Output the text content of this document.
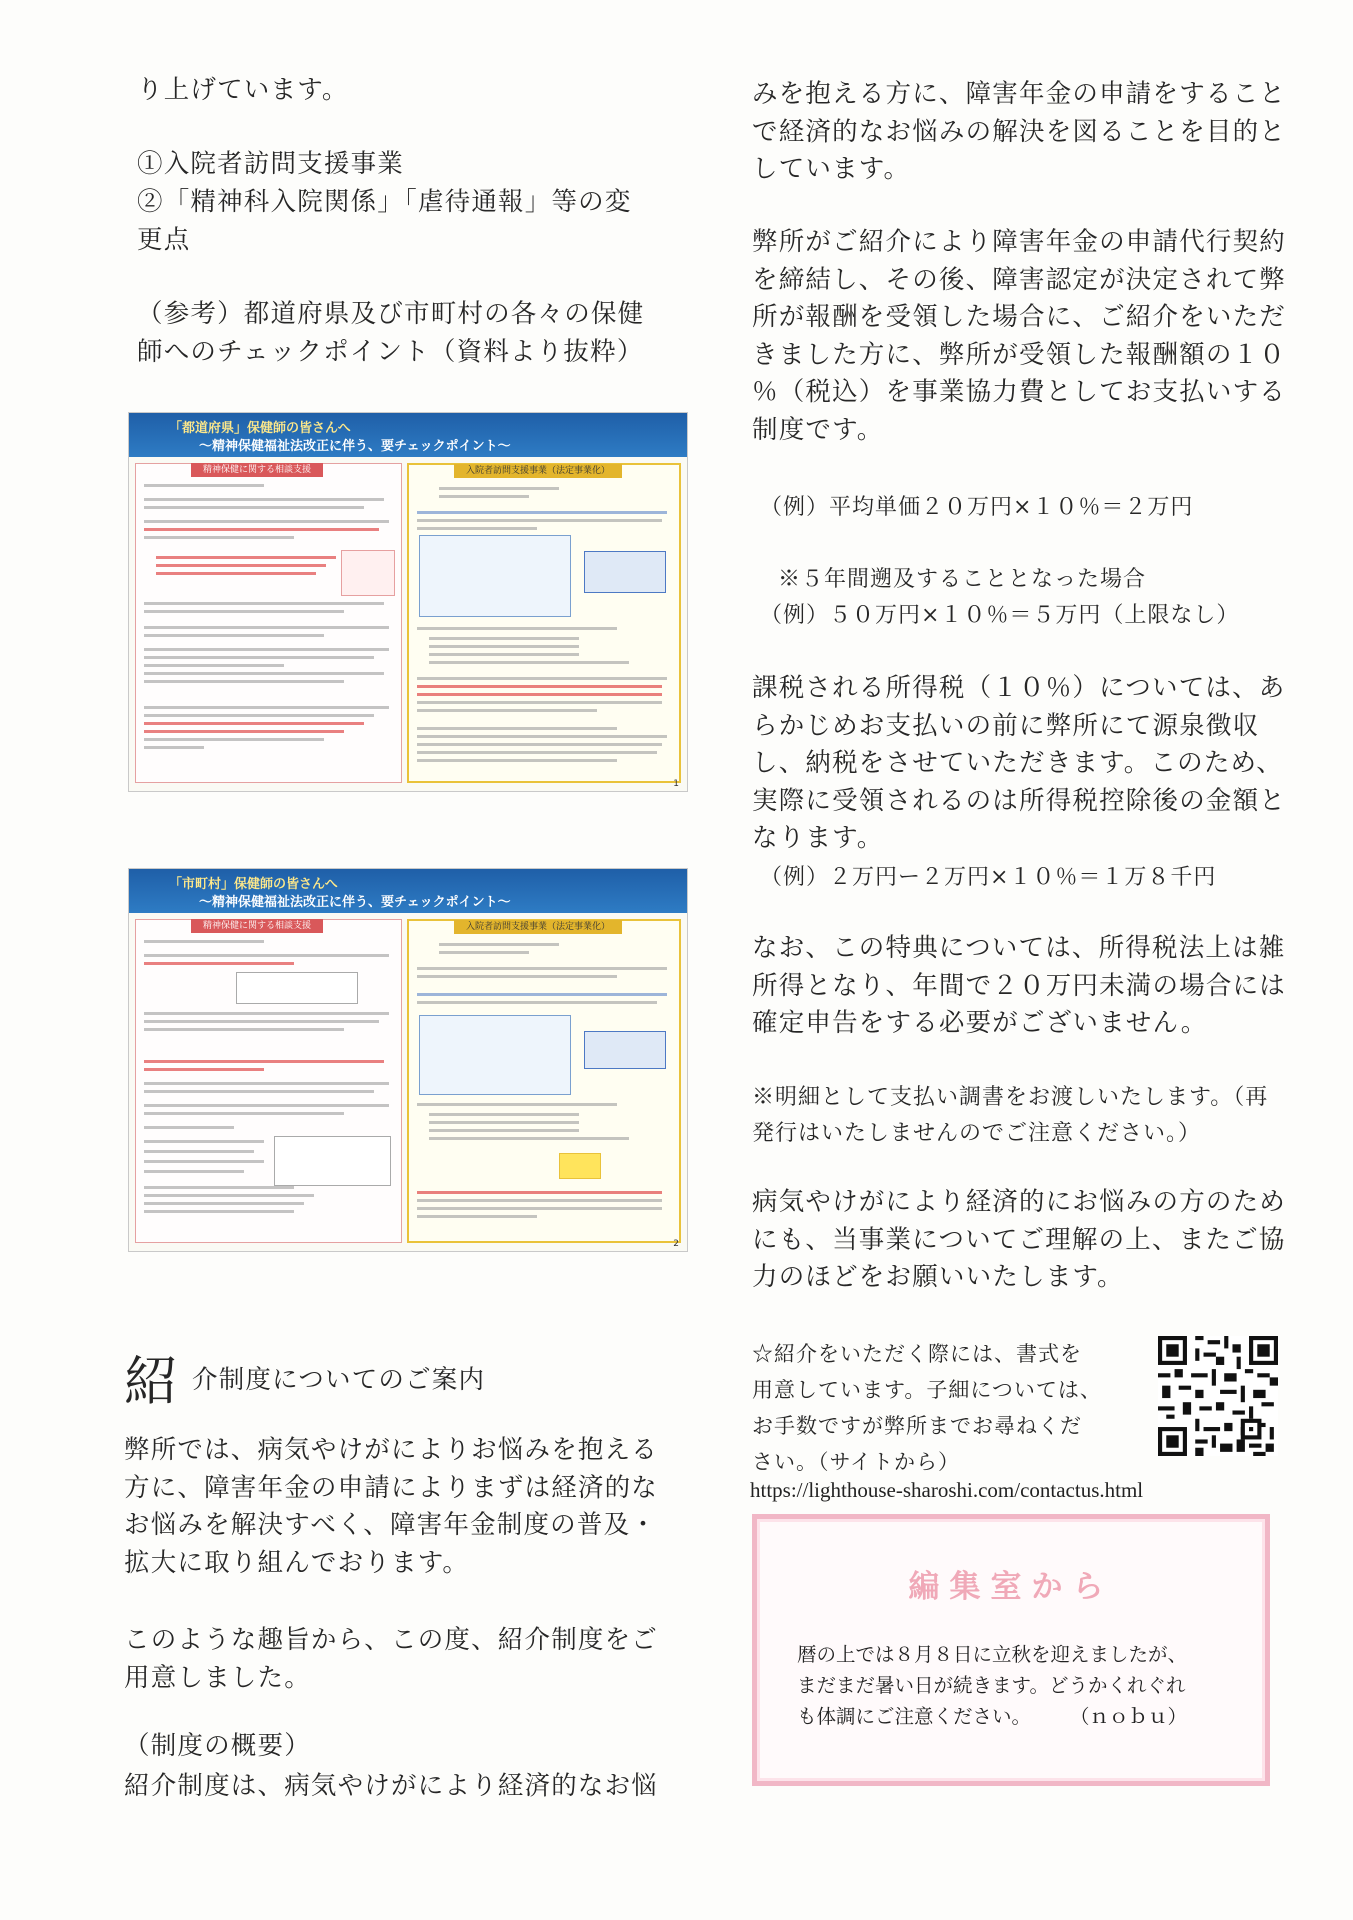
り上げています。

①入院者訪問支援事業

②「精神科入院関係」「虐待通報」等の変
更点

（参考）都道府県及び市町村の各々の保健
師へのチェックポイント（資料より抜粋）

「都道府県」保健師の皆さんへ
～精神保健福祉法改正に伴う、要チェックポイント～
精神保健に関する相談支援	入院者訪問支援事業（法定事業化）
1
「市町村」保健師の皆さんへ
～精神保健福祉法改正に伴う、要チェックポイント～
精神保健に関する相談支援	入院者訪問支援事業（法定事業化）
2
紹 介制度についてのご案内

弊所では、病気やけがによりお悩みを抱える
方に、障害年金の申請によりまずは経済的な
お悩みを解決すべく、障害年金制度の普及・
拡大に取り組んでおります。

このような趣旨から、この度、紹介制度をご
用意しました。

（制度の概要）

紹介制度は、病気やけがにより経済的なお悩

みを抱える方に、障害年金の申請をすること
で経済的なお悩みの解決を図ることを目的と
しています。

弊所がご紹介により障害年金の申請代行契約
を締結し、その後、障害認定が決定されて弊
所が報酬を受領した場合に、ご紹介をいただ
きました方に、弊所が受領した報酬額の１０
％（税込）を事業協力費としてお支払いする
制度です。

（例）平均単価２０万円×１０％＝２万円

※５年間遡及することとなった場合

（例）５０万円×１０％＝５万円（上限なし）

課税される所得税（１０％）については、あ
らかじめお支払いの前に弊所にて源泉徴収
し、納税をさせていただきます。このため、
実際に受領されるのは所得税控除後の金額と
なります。

（例）２万円ー２万円×１０％＝１万８千円

なお、この特典については、所得税法上は雑
所得となり、年間で２０万円未満の場合には
確定申告をする必要がございません。

※明細として支払い調書をお渡しいたします。（再
発行はいたしませんのでご注意ください。）

病気やけがにより経済的にお悩みの方のため
にも、当事業についてご理解の上、またご協
力のほどをお願いいたします。

☆紹介をいただく際には、書式を
用意しています。子細については、
お手数ですが弊所までお尋ねくだ
さい。（サイトから）

https://lighthouse-sharoshi.com/contactus.html
編集室から
暦の上では８月８日に立秋を迎えましたが、
まだまだ暑い日が続きます。どうかくれぐれ
も体調にご注意ください。　　　（ｎｏｂｕ）
